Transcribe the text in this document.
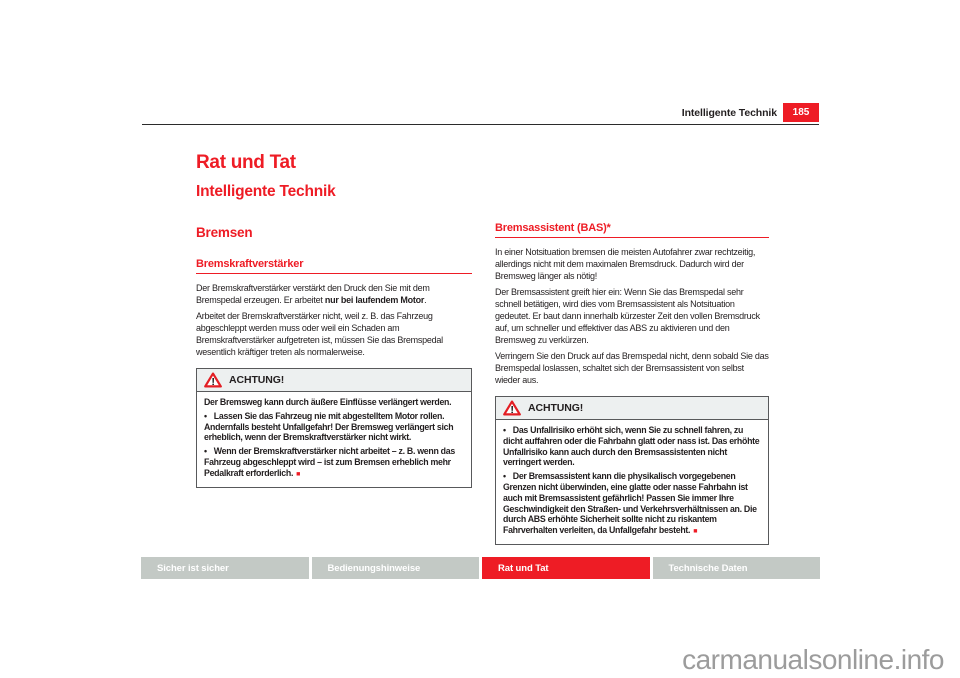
Intelligente Technik	185
Rat und Tat
Intelligente Technik
Bremsen
Bremskraftverstärker

Der Bremskraftverstärker verstärkt den Druck den Sie mit dem Bremspedal erzeugen. Er arbeitet nur bei laufendem Motor.

Arbeitet der Bremskraftverstärker nicht, weil z. B. das Fahrzeug abgeschleppt werden muss oder weil ein Schaden am Bremskraftverstärker aufgetreten ist, müssen Sie das Bremspedal wesentlich kräftiger treten als normalerweise.

! ACHTUNG!

Der Bremsweg kann durch äußere Einflüsse verlängert werden.

• Lassen Sie das Fahrzeug nie mit abgestelltem Motor rollen. Andernfalls besteht Unfallgefahr! Der Bremsweg verlängert sich erheblich, wenn der Bremskraftverstärker nicht wirkt.

• Wenn der Bremskraftverstärker nicht arbeitet – z. B. wenn das Fahrzeug abgeschleppt wird – ist zum Bremsen erheblich mehr Pedalkraft erforderlich. ■

Bremsassistent (BAS)*

In einer Notsituation bremsen die meisten Autofahrer zwar rechtzeitig, allerdings nicht mit dem maximalen Bremsdruck. Dadurch wird der Bremsweg länger als nötig!

Der Bremsassistent greift hier ein: Wenn Sie das Bremspedal sehr schnell betätigen, wird dies vom Bremsassistent als Notsituation gedeutet. Er baut dann innerhalb kürzester Zeit den vollen Bremsdruck auf, um schneller und effektiver das ABS zu aktivieren und den Bremsweg zu verkürzen.

Verringern Sie den Druck auf das Bremspedal nicht, denn sobald Sie das Bremspedal loslassen, schaltet sich der Bremsassistent von selbst wieder aus.

! ACHTUNG!

• Das Unfallrisiko erhöht sich, wenn Sie zu schnell fahren, zu dicht auffahren oder die Fahrbahn glatt oder nass ist. Das erhöhte Unfallrisiko kann auch durch den Bremsassistenten nicht verringert werden.

• Der Bremsassistent kann die physikalisch vorgegebenen Grenzen nicht überwinden, eine glatte oder nasse Fahrbahn ist auch mit Bremsassistent gefährlich! Passen Sie immer Ihre Geschwindigkeit den Straßen- und Verkehrsverhältnissen an. Die durch ABS erhöhte Sicherheit sollte nicht zu riskantem Fahrverhalten verleiten, da Unfallgefahr besteht. ■

Sicher ist sicher	Bedienungshinweise	Rat und Tat	Technische Daten
carmanualsonline.info
